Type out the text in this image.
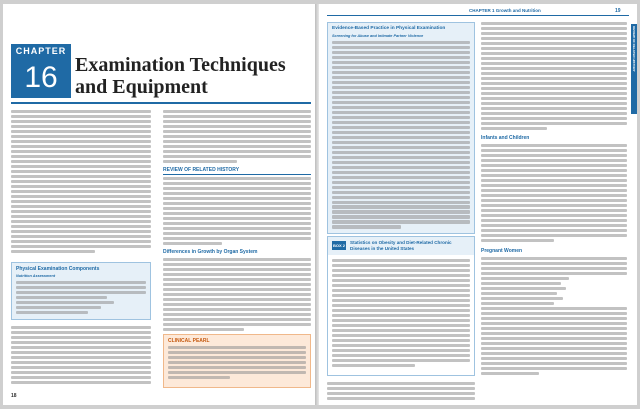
CHAPTER
16 Examination Techniques and Equipment
Physical Examination Components
Nutrition Assessment
REVIEW OF RELATED HISTORY
Differences in Growth by Organ System
CLINICAL PEARL
18
CHAPTER 1 Growth and Nutrition	19
REVIEW OF RELATED HISTORY
Evidence-Based Practice in Physical Examination
Screening for Abuse and Intimate Partner Violence
BOX 2
Statistics on Obesity and Diet-Related Chronic Diseases in the United States
Infants and Children
Pregnant Women
